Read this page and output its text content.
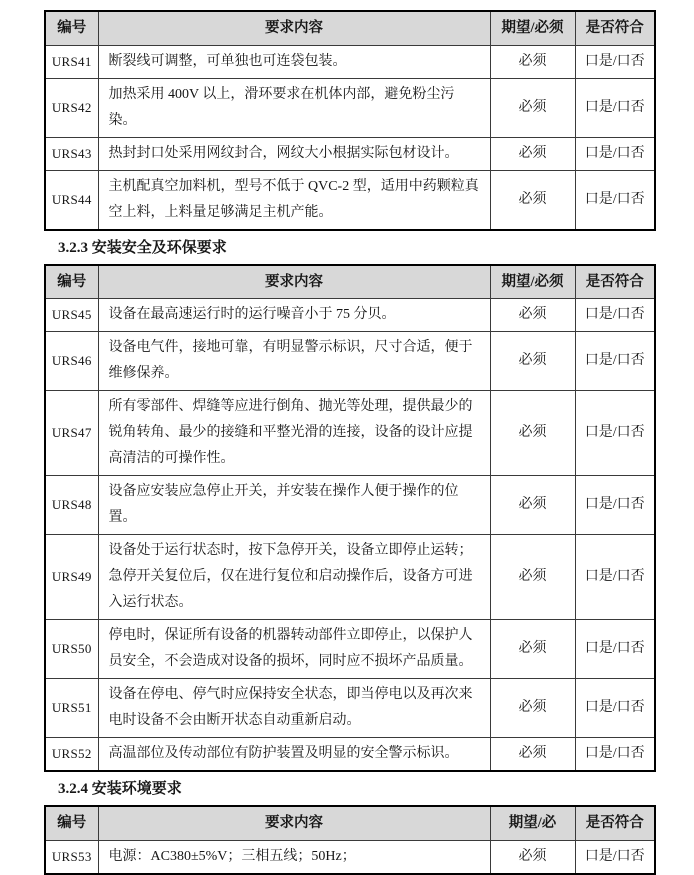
编号	要求内容	期望/必须	是否符合
URS41	断裂线可调整，可单独也可连袋包装。	必须	口是/口否
URS42	加热采用 400V 以上，滑环要求在机体内部，避免粉尘污染。	必须	口是/口否
URS43	热封封口处采用网纹封合，网纹大小根据实际包材设计。	必须	口是/口否
URS44	主机配真空加料机，型号不低于 QVC-2 型，适用中药颗粒真空上料，上料量足够满足主机产能。	必须	口是/口否
3.2.3 安装安全及环保要求
编号	要求内容	期望/必须	是否符合
URS45	设备在最高速运行时的运行噪音小于 75 分贝。	必须	口是/口否
URS46	设备电气件，接地可靠，有明显警示标识，尺寸合适，便于维修保养。	必须	口是/口否
URS47	所有零部件、焊缝等应进行倒角、抛光等处理，提供最少的锐角转角、最少的接缝和平整光滑的连接，设备的设计应提高清洁的可操作性。	必须	口是/口否
URS48	设备应安装应急停止开关，并安装在操作人便于操作的位置。	必须	口是/口否
URS49	设备处于运行状态时，按下急停开关，设备立即停止运转；急停开关复位后，仅在进行复位和启动操作后，设备方可进入运行状态。	必须	口是/口否
URS50	停电时，保证所有设备的机器转动部件立即停止，以保护人员安全，不会造成对设备的损坏，同时应不损坏产品质量。	必须	口是/口否
URS51	设备在停电、停气时应保持安全状态，即当停电以及再次来电时设备不会由断开状态自动重新启动。	必须	口是/口否
URS52	高温部位及传动部位有防护装置及明显的安全警示标识。	必须	口是/口否
3.2.4 安装环境要求
编号	要求内容	期望/必	是否符合
URS53	电源：AC380±5%V；三相五线；50Hz；	必须	口是/口否
